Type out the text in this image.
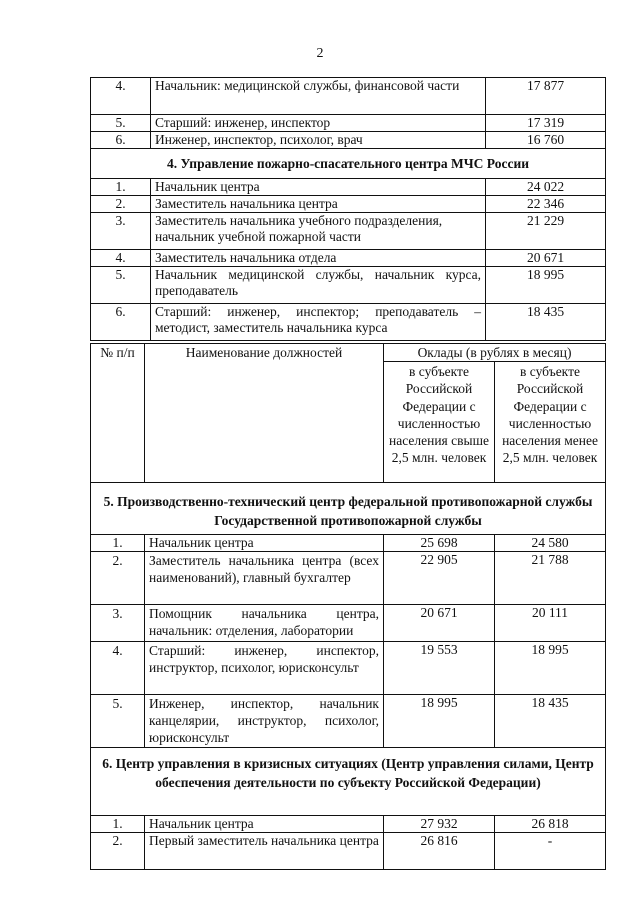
2
4.	Начальник: медицинской службы, финансовой части	17 877
5.	Старший: инженер, инспектор	17 319
6.	Инженер, инспектор, психолог, врач	16 760
4. Управление пожарно-спасательного центра МЧС России		
1.	Начальник центра	24 022
2.	Заместитель начальника центра	22 346
3.	Заместитель начальника учебного подразделения, начальник учебной пожарной части	21 229
4.	Заместитель начальника отдела	20 671
5.	Начальник медицинской службы, начальник курса, преподаватель	18 995
6.	Старший: инженер, инспектор; преподаватель – методист, заместитель начальника курса	18 435
№ п/п	Наименование должностей	Оклады (в рублях в месяц)	
		в субъекте Российской Федерации с численностью населения свыше 2,5 млн. человек	в субъекте Российской Федерации с численностью населения менее 2,5 млн. человек
5. Производственно-технический центр федеральной противопожарной службы Государственной противопожарной службы			
1.	Начальник центра	25 698	24 580
2.	Заместитель начальника центра (всех наименований), главный бухгалтер	22 905	21 788
3.	Помощник начальника центра, начальник: отделения, лаборатории	20 671	20 111
4.	Старший: инженер, инспектор, инструктор, психолог, юрисконсульт	19 553	18 995
5.	Инженер, инспектор, начальник канцелярии, инструктор, психолог, юрисконсульт	18 995	18 435
6. Центр управления в кризисных ситуациях (Центр управления силами, Центр обеспечения деятельности по субъекту Российской Федерации)			
1.	Начальник центра	27 932	26 818
2.	Первый заместитель начальника центра	26 816	-
